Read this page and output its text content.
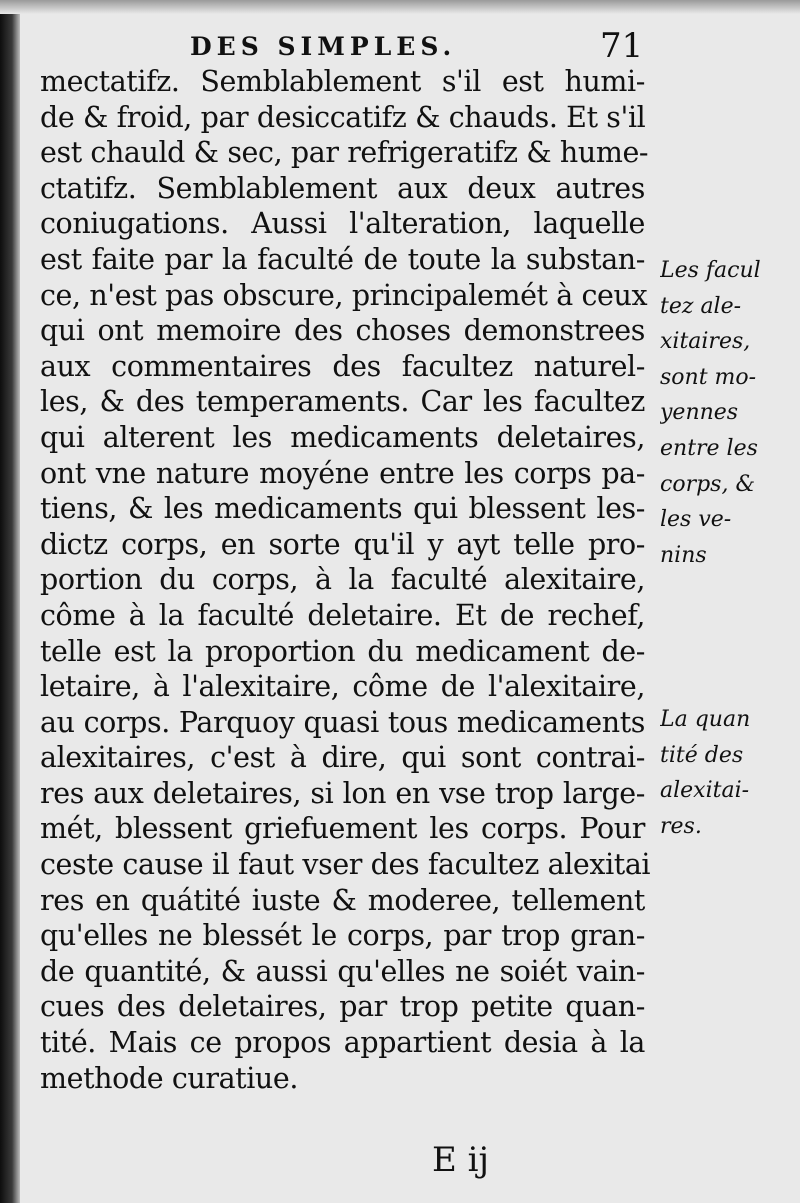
DES SIMPLES.	71
mectatifz. Semblablement s'il est humi-
de & froid, par desiccatifz & chauds. Et s'il
est chauld & sec, par refrigeratifz & hume-
ctatifz. Semblablement aux deux autres
coniugations. Aussi l'alteration, laquelle
est faite par la faculté de toute la substan-
ce, n'est pas obscure, principalemét à ceux
qui ont memoire des choses demonstrees
aux commentaires des facultez naturel-
les, & des temperaments. Car les facultez
qui alterent les medicaments deletaires,
ont vne nature moyéne entre les corps pa-
tiens, & les medicaments qui blessent les-
dictz corps, en sorte qu'il y ayt telle pro-
portion du corps, à la faculté alexitaire,
côme à la faculté deletaire. Et de rechef,
telle est la proportion du medicament de-
letaire, à l'alexitaire, côme de l'alexitaire,
au corps. Parquoy quasi tous medicaments
alexitaires, c'est à dire, qui sont contrai-
res aux deletaires, si lon en vse trop large-
mét, blessent griefuement les corps. Pour
ceste cause il faut vser des facultez alexitai
res en quátité iuste & moderee, tellement
qu'elles ne blessét le corps, par trop gran-
de quantité, & aussi qu'elles ne soiét vain-
cues des deletaires, par trop petite quan-
tité. Mais ce propos appartient desia à la
methode curatiue.
Les facul
tez ale-
xitaires,
sont mo-
yennes
entre les
corps, &
les ve-
nins
La quan
tité des
alexitai-
res.
E ij
